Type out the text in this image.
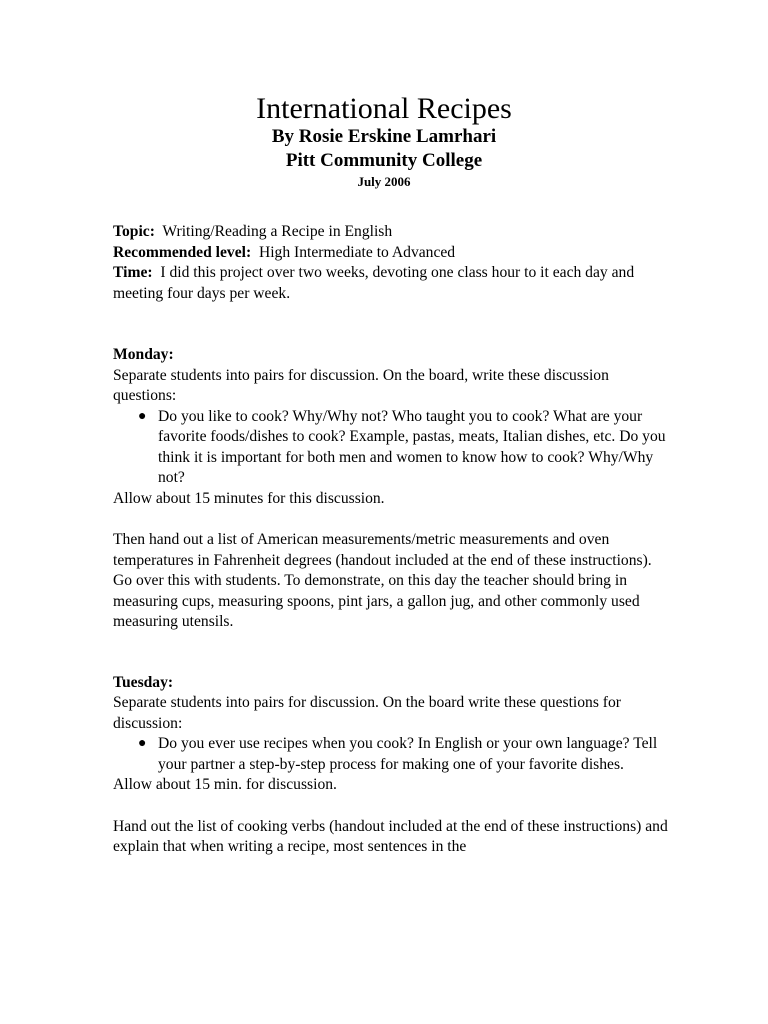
International Recipes
By Rosie Erskine Lamrhari
Pitt Community College
July 2006

Topic: Writing/Reading a Recipe in English

Recommended level: High Intermediate to Advanced

Time: I did this project over two weeks, devoting one class hour to it each day and meeting four days per week.

Monday:

Separate students into pairs for discussion. On the board, write these discussion questions:

● Do you like to cook? Why/Why not? Who taught you to cook? What are your favorite foods/dishes to cook? Example, pastas, meats, Italian dishes, etc. Do you think it is important for both men and women to know how to cook? Why/Why not?

Allow about 15 minutes for this discussion.

Then hand out a list of American measurements/metric measurements and oven temperatures in Fahrenheit degrees (handout included at the end of these instructions). Go over this with students. To demonstrate, on this day the teacher should bring in measuring cups, measuring spoons, pint jars, a gallon jug, and other commonly used measuring utensils.

Tuesday:

Separate students into pairs for discussion. On the board write these questions for discussion:

● Do you ever use recipes when you cook? In English or your own language? Tell your partner a step-by-step process for making one of your favorite dishes.

Allow about 15 min. for discussion.

Hand out the list of cooking verbs (handout included at the end of these instructions) and explain that when writing a recipe, most sentences in the
